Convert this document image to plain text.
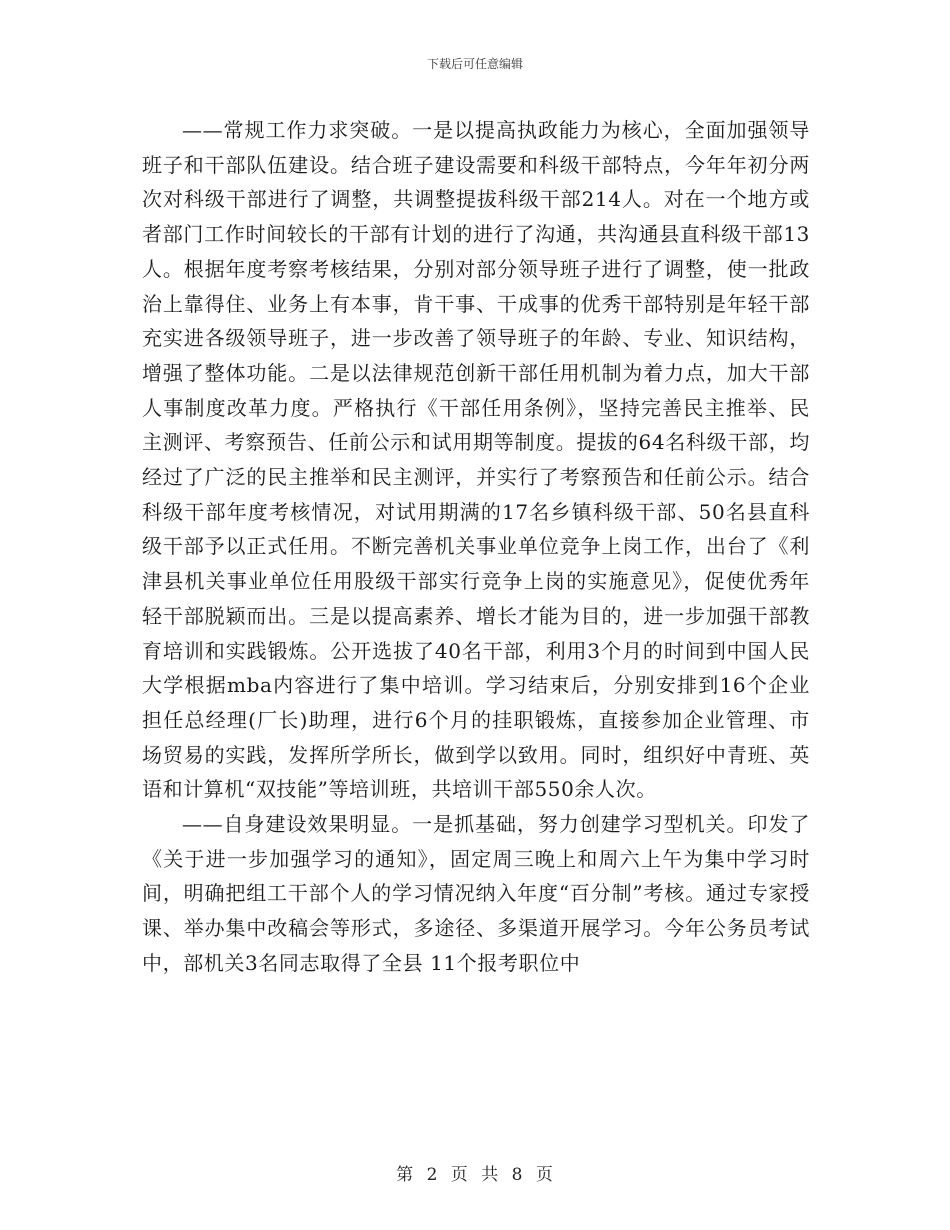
下载后可任意编辑

——常规工作力求突破。一是以提高执政能力为核心，全面加强领导班子和干部队伍建设。结合班子建设需要和科级干部特点，今年年初分两次对科级干部进行了调整，共调整提拔科级干部214人。对在一个地方或者部门工作时间较长的干部有计划的进行了沟通，共沟通县直科级干部13人。根据年度考察考核结果，分别对部分领导班子进行了调整，使一批政治上靠得住、业务上有本事，肯干事、干成事的优秀干部特别是年轻干部充实进各级领导班子，进一步改善了领导班子的年龄、专业、知识结构，增强了整体功能。二是以法律规范创新干部任用机制为着力点，加大干部人事制度改革力度。严格执行《干部任用条例》，坚持完善民主推举、民主测评、考察预告、任前公示和试用期等制度。提拔的64名科级干部，均经过了广泛的民主推举和民主测评，并实行了考察预告和任前公示。结合科级干部年度考核情况，对试用期满的17名乡镇科级干部、50名县直科级干部予以正式任用。不断完善机关事业单位竞争上岗工作，出台了《利津县机关事业单位任用股级干部实行竞争上岗的实施意见》，促使优秀年轻干部脱颖而出。三是以提高素养、增长才能为目的，进一步加强干部教育培训和实践锻炼。公开选拔了40名干部，利用3个月的时间到中国人民大学根据mba内容进行了集中培训。学习结束后，分别安排到16个企业担任总经理(厂长)助理，进行6个月的挂职锻炼，直接参加企业管理、市场贸易的实践，发挥所学所长，做到学以致用。同时，组织好中青班、英语和计算机“双技能”等培训班，共培训干部550余人次。

——自身建设效果明显。一是抓基础，努力创建学习型机关。印发了《关于进一步加强学习的通知》，固定周三晚上和周六上午为集中学习时间，明确把组工干部个人的学习情况纳入年度“百分制”考核。通过专家授课、举办集中改稿会等形式，多途径、多渠道开展学习。今年公务员考试中，部机关3名同志取得了全县 11个报考职位中

第 2 页 共 8 页
